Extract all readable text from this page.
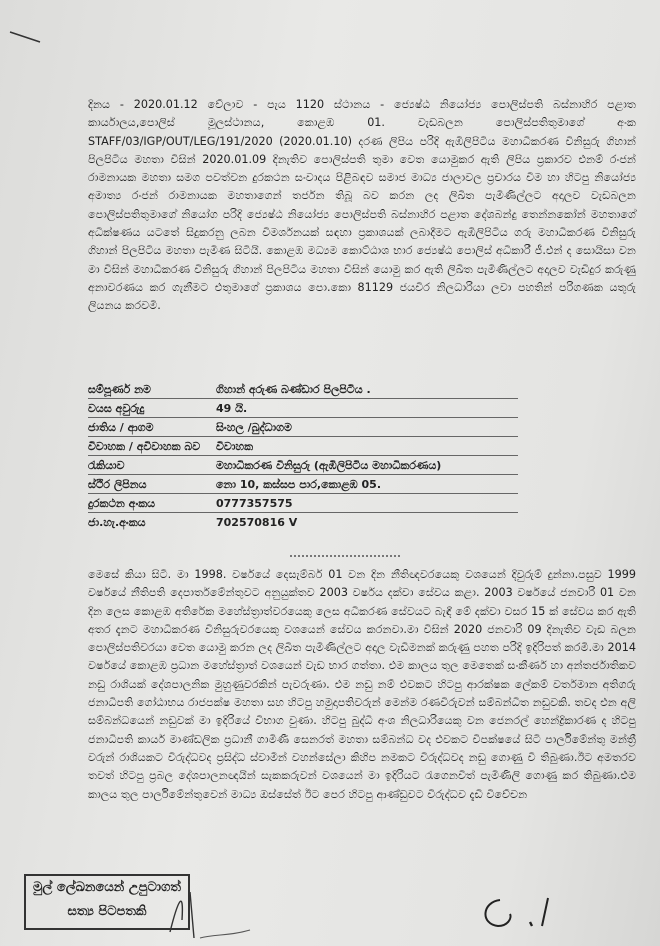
දිනය - 2020.01.12 වේලාව - පැය 1120 ස්ථානය - ජ්‍යෙෂ්ඨ නියෝජ්‍ය පොලිස්පති බස්නාහිර පළාත කාර්යාලය,පොලිස් මූලස්ථානය, කොළඹ 01. වැඩබලන පොලිස්පතිතුමාගේ අංක STAFF/03/IGP/OUT/LEG/191/2020 (2020.01.10) දරණ ලිපිය පරිදි ඇඹිලිපිටිය මහාධිකරණ විනිසුරු ගිහාන් පිලපිටිය මහතා විසින් 2020.01.09 දිනැතිව පොලිස්පති තුමා වෙත යොමුකර ඇති ලිපිය ප්‍රකාරව එනම් රංජන් රාමනායක මහතා සමග පවත්වන දුරකථන සංවාදය පිළිබඳව සමාජ මාධ්‍ය ජාලාවල ප්‍රචාරය වීම හා හිටපු නියෝජ්‍ය අමාත්‍ය රංජන් රාමනායක මහතාගෙන් තර්ජන තිබූ බව කරන ලද ලිඛිත පැමිණිල්ලට අදාලව වැඩබලන පොලිස්පතිතුමාගේ නියෝග පරිදි ජ්‍යෙෂ්ඨ නියෝජ්‍ය පොලිස්පති බස්නාහිර පළාත දේශබන්දු තෙන්නකෝන් මහතාගේ අධීක්ෂණය යටතේ සිදුකරනු ලබන විමර්ශනයක් සඳහා ප්‍රකාශයක් ලබාදීමට ඇඹිලිපිටිය ගරු මහාධිකරණ විනිසුරු ගිහාන් පිලපිටිය මහතා පැමිණ සිටියි. කොළඹ මධ්‍යම කොට්ඨාශ භාර ජ්‍යෙෂ්ඨ පොලිස් අධිකාරී ජී.එන් ද සොයිසා වන මා විසින් මහාධිකරණ විනිසුරු ගිහාන් පිලපිටිය මහතා විසින් යොමු කර ඇති ලිඛිත පැමිණිල්ලට අදාලව වැඩිදුර කරුණු අනාවරණය කර ගැනීමට එතුමාගේ ප්‍රකාශය පො.කො 81129 ජයවීර නිලධාරියා ලවා පහතින් පරිගණක යතුරු ලියනය කරවමි.

සම්පූර්ණ නම	ගිහාන් අරුණ බණ්ඩාර පිලපිටිය .
වයස අවුරුදු	49 යි.
ජාතිය / ආගම	සිංහල /බුද්ධාගම
විවාහක / අවිවාහක බව	විවාහක
රැකියාව	මහාධිකරණ විනිසුරු (ඇඹිලිපිටිය මහාධිකරණය)
ස්ථිර ලිපිනය	නො 10, කස්සප පාර,කොළඹ 05.
දුරකථන අංකය	0777357575
ජා.හැ.අංකය	702570816 V

මෙසේ කියා සිටී. මා 1998. වර්ෂයේ දෙසැම්බර් 01 වන දින නීතිඥවරයෙකු වශයෙන් දිවුරුම් දුන්නා.පසුව 1999 වර්ෂයේ නීතිපති දෙපාර්තමේන්තුවට අනුයුක්තව 2003 වර්ෂය දක්වා සේවය කළා. 2003 වර්ෂයේ ජනවාරි 01 වන දින ලෙස කොළඹ අතිරේක මහේස්ත්‍රාත්වරයෙකු ලෙස අධිකරණ සේවයට බැඳී මේ දක්වා වසර 15 ක් සේවය කර ඇති අතර දැනට මහාධිකරණ විනිසුරුවරයෙකු වශයෙන් සේවය කරනවා.මා විසින් 2020 ජනවාරි 09 දිනැතිව වැඩ බලන පොලිස්පතිවරයා වෙත යොමු කරන ලද ලිඛිත පැමිණිල්ලට අදාල වැඩිමනක් කරුණු පහත පරිදි ඉදිරිපත් කරමි.මා 2014 වර්ෂයේ කොළඹ ප්‍රධාන මහේස්ත්‍රාත් වශයෙන් වැඩ භාර ගත්තා. එම කාලය තුල මෙතෙක් සංකීර්ණ හා අන්තර්ජාතිකව නඩු රාශියක් දේශපාලනික මුහුණුවරකින් පැවරුණා. එම නඩු නම් එවකට හිටපු ආරක්ෂක ලේකම් වර්තමාන අතිගරු ජනාධිපති ගෝඨාභය රාජපක්ෂ මහතා සහ හිටපු හමුදාපතිවරුන් මෙන්ම රණවිරුවන් සම්බන්ධිත නඩුවකි. තවද එන අලි සම්බන්ධයෙන් නඩුවක් මා ඉදිරියේ විභාග වුණා. හිටපු බුද්ධි අංශ නිලධාරියෙකු වන ජෙනරල් හෙන්ද්‍රිකාරණ ද හිටපු ජනාධිපති කාර්ය මාණ්ඩලික ප්‍රධානී ගාමිණී සෙනරත් මහතා සම්බන්ධ වද එවකට විපක්ෂයේ සිටි පාර්ලිමේන්තු මන්ත්‍රී වරුන් රාශියකට විරුද්ධවද ප්‍රසිද්ධ ස්වාමීන් වහන්සේලා කිහිප නමකට විරුද්ධවද නඩු ගොණු වී තිබුණා.ඊට අමතරව තවත් හිටපු ප්‍රබල දේශපාලනඥයින් සැකකරුවන් වශයෙන් මා ඉදිරියට රැගෙනවිත් පැමිණිලි ගොණු කර තිබුණා.එම කාලය තුල පාර්ලිමේන්තුවෙන් මාධ්‍ය ඔස්සේත් ඊට පෙර හිටපු ආණ්ඩුවට විරුද්ධව දැඩි විවේචන

මුල් ලේඛනයෙන් උපුටාගත්
සත්‍ය පිටපතකි
